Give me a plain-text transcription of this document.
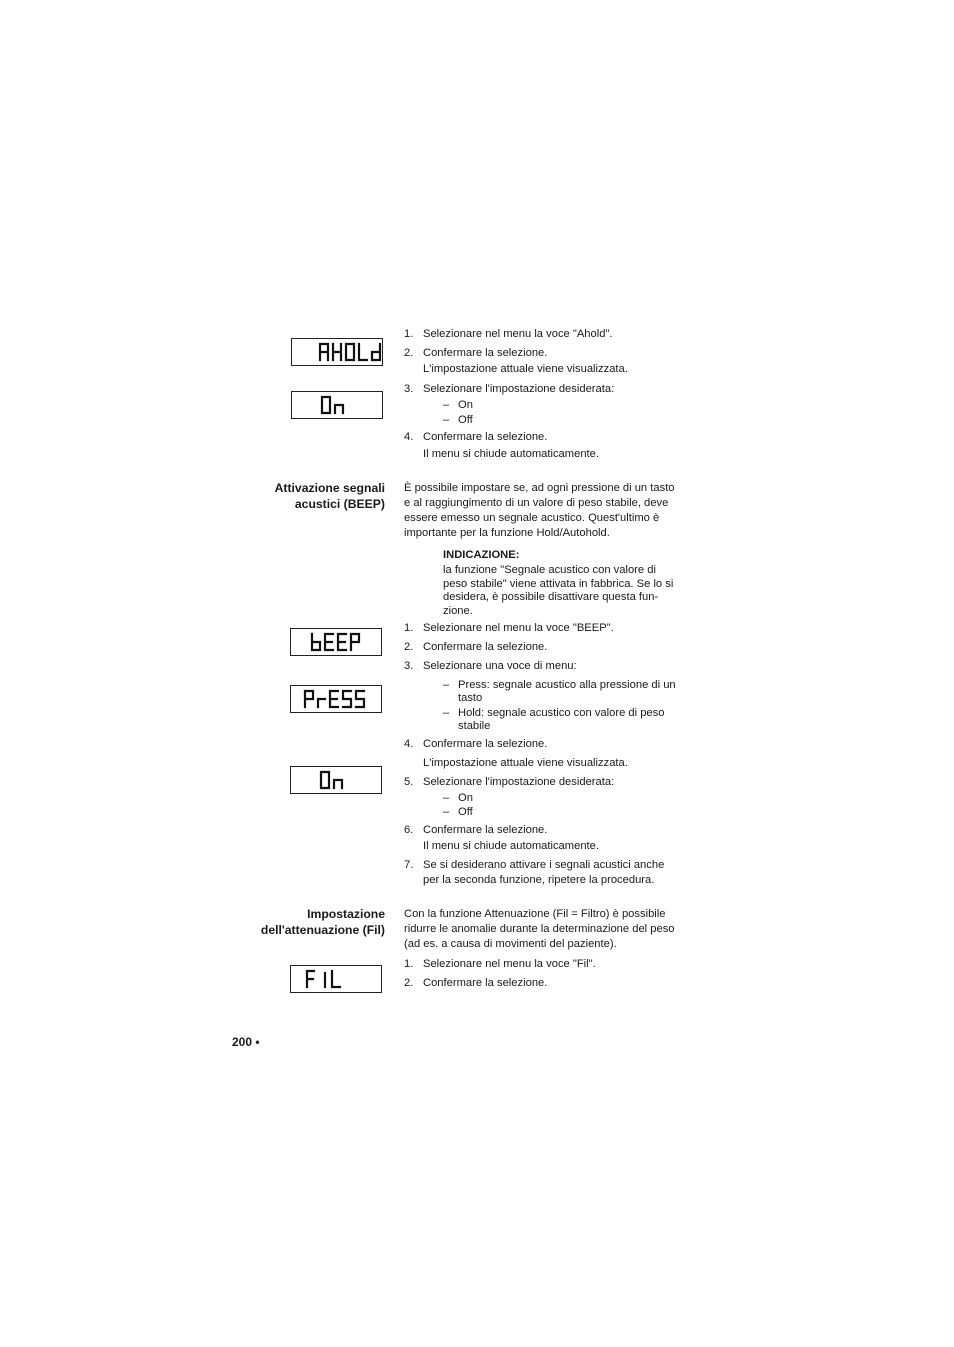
1. Selezionare nel menu la voce "Ahold".
2. Confermare la selezione.
L'impostazione attuale viene visualizzata.
3. Selezionare l'impostazione desiderata:
– On
– Off
4. Confermare la selezione.
Il menu si chiude automaticamente.
Attivazione segnali
acustici (BEEP)
È possibile impostare se, ad ogni pressione di un tasto
e al raggiungimento di un valore di peso stabile, deve
essere emesso un segnale acustico. Quest'ultimo è
importante per la funzione Hold/Autohold.
INDICAZIONE:
la funzione "Segnale acustico con valore di
peso stabile" viene attivata in fabbrica. Se lo si
desidera, è possibile disattivare questa fun-
zione.
1. Selezionare nel menu la voce "BEEP".
2. Confermare la selezione.
3. Selezionare una voce di menu:
– Press: segnale acustico alla pressione di un
tasto
– Hold: segnale acustico con valore di peso
stabile
4. Confermare la selezione.
L'impostazione attuale viene visualizzata.
5. Selezionare l'impostazione desiderata:
– On
– Off
6. Confermare la selezione.
Il menu si chiude automaticamente.
7. Se si desiderano attivare i segnali acustici anche
per la seconda funzione, ripetere la procedura.
Impostazione
dell'attenuazione (Fil)
Con la funzione Attenuazione (Fil = Filtro) è possibile
ridurre le anomalie durante la determinazione del peso
(ad es. a causa di movimenti del paziente).
1. Selezionare nel menu la voce "Fil".
2. Confermare la selezione.
200 •
